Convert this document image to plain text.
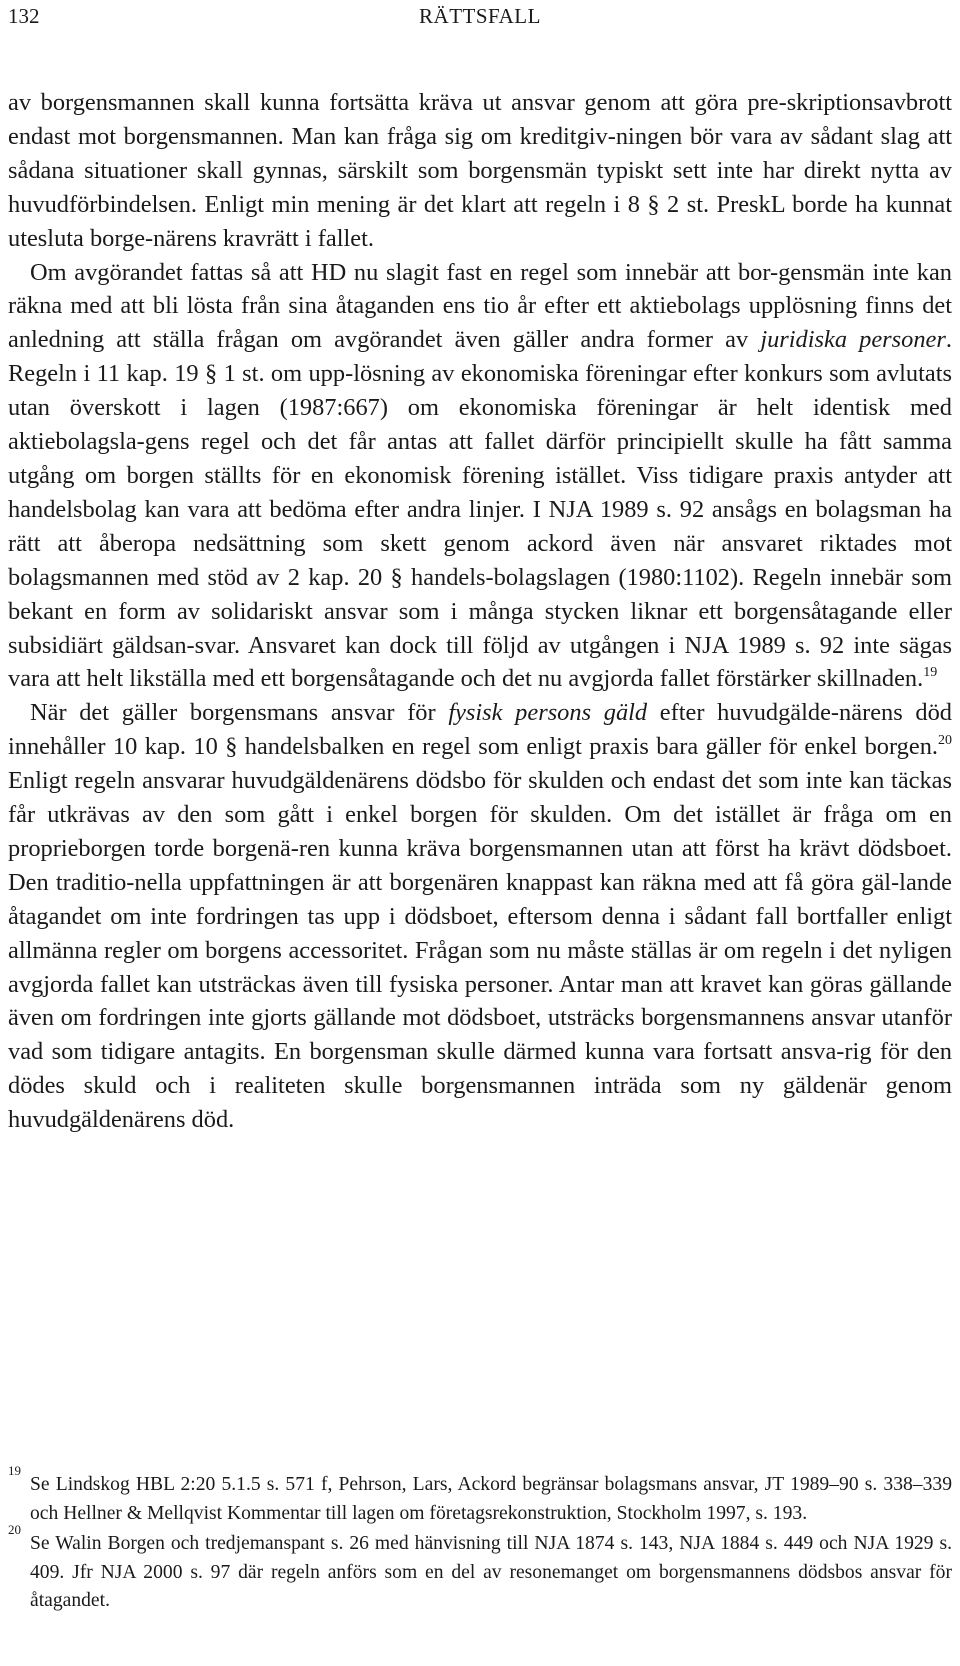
132	RÄTTSFALL

av borgensmannen skall kunna fortsätta kräva ut ansvar genom att göra pre-skriptionsavbrott endast mot borgensmannen. Man kan fråga sig om kreditgiv-ningen bör vara av sådant slag att sådana situationer skall gynnas, särskilt som borgensmän typiskt sett inte har direkt nytta av huvudförbindelsen. Enligt min mening är det klart att regeln i 8 § 2 st. PreskL borde ha kunnat utesluta borge-närens kravrätt i fallet.

Om avgörandet fattas så att HD nu slagit fast en regel som innebär att bor-gensmän inte kan räkna med att bli lösta från sina åtaganden ens tio år efter ett aktiebolags upplösning finns det anledning att ställa frågan om avgörandet även gäller andra former av juridiska personer. Regeln i 11 kap. 19 § 1 st. om upp-lösning av ekonomiska föreningar efter konkurs som avlutats utan överskott i lagen (1987:667) om ekonomiska föreningar är helt identisk med aktiebolagsla-gens regel och det får antas att fallet därför principiellt skulle ha fått samma utgång om borgen ställts för en ekonomisk förening istället. Viss tidigare praxis antyder att handelsbolag kan vara att bedöma efter andra linjer. I NJA 1989 s. 92 ansågs en bolagsman ha rätt att åberopa nedsättning som skett genom ackord även när ansvaret riktades mot bolagsmannen med stöd av 2 kap. 20 § handels-bolagslagen (1980:1102). Regeln innebär som bekant en form av solidariskt ansvar som i många stycken liknar ett borgensåtagande eller subsidiärt gäldsan-svar. Ansvaret kan dock till följd av utgången i NJA 1989 s. 92 inte sägas vara att helt likställa med ett borgensåtagande och det nu avgjorda fallet förstärker skillnaden.$^{19}$

När det gäller borgensmans ansvar för fysisk persons gäld efter huvudgälde-närens död innehåller 10 kap. 10 § handelsbalken en regel som enligt praxis bara gäller för enkel borgen.$^{20}$ Enligt regeln ansvarar huvudgäldenärens dödsbo för skulden och endast det som inte kan täckas får utkrävas av den som gått i enkel borgen för skulden. Om det istället är fråga om en proprieborgen torde borgenä-ren kunna kräva borgensmannen utan att först ha krävt dödsboet. Den traditio-nella uppfattningen är att borgenären knappast kan räkna med att få göra gäl-lande åtagandet om inte fordringen tas upp i dödsboet, eftersom denna i sådant fall bortfaller enligt allmänna regler om borgens accessoritet. Frågan som nu måste ställas är om regeln i det nyligen avgjorda fallet kan utsträckas även till fysiska personer. Antar man att kravet kan göras gällande även om fordringen inte gjorts gällande mot dödsboet, utsträcks borgensmannens ansvar utanför vad som tidigare antagits. En borgensman skulle därmed kunna vara fortsatt ansva-rig för den dödes skuld och i realiteten skulle borgensmannen inträda som ny gäldenär genom huvudgäldenärens död.

19
Se Lindskog HBL 2:20 5.1.5 s. 571 f, Pehrson, Lars, Ackord begränsar bolagsmans ansvar, JT 1989–90 s. 338–339 och Hellner & Mellqvist Kommentar till lagen om företagsrekonstruktion, Stockholm 1997, s. 193.

20
Se Walin Borgen och tredjemanspant s. 26 med hänvisning till NJA 1874 s. 143, NJA 1884 s. 449 och NJA 1929 s. 409. Jfr NJA 2000 s. 97 där regeln anförs som en del av resonemanget om borgensmannens dödsbos ansvar för åtagandet.
